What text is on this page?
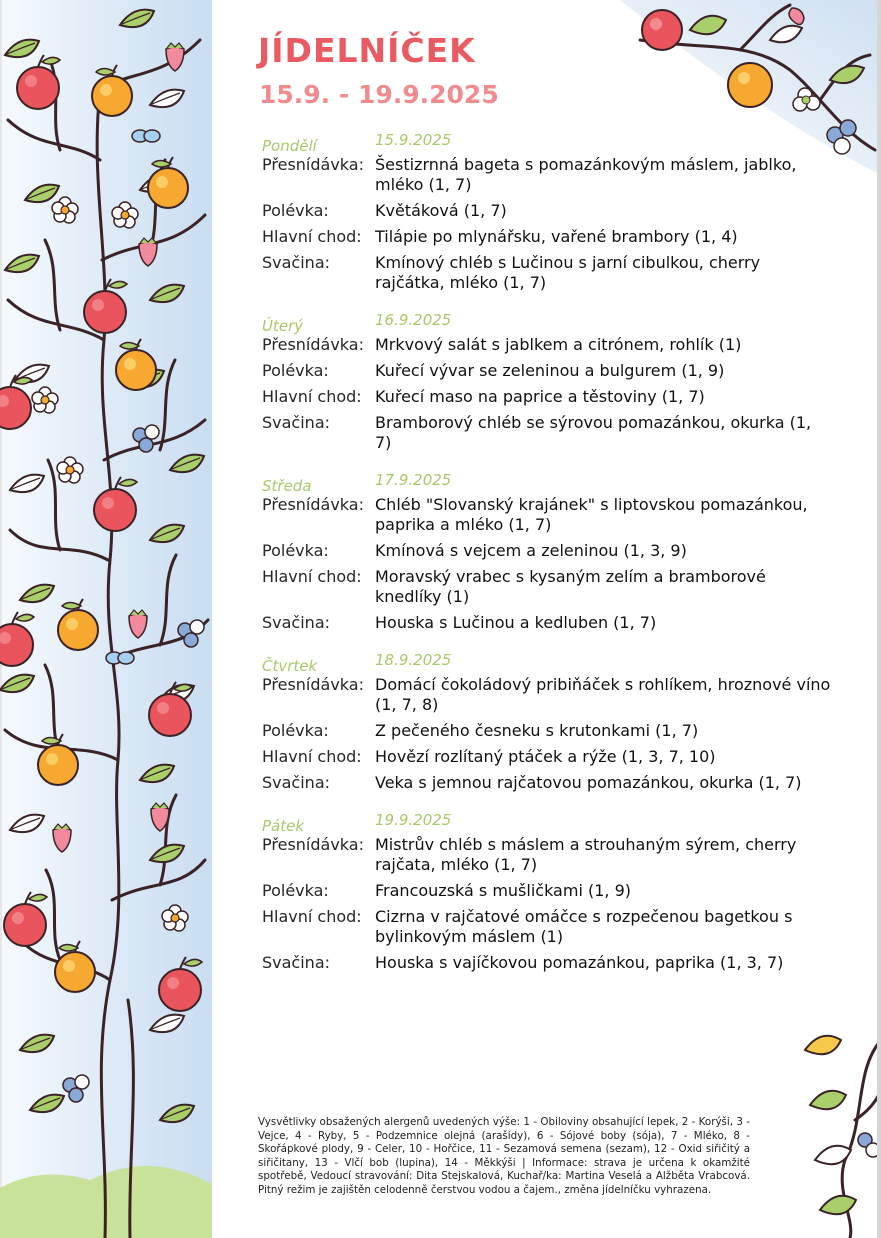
JÍDELNÍČEK
15.9. - 19.9.2025
Pondělí	15.9.2025
Přesnídávka: Šestizrnná bageta s pomazánkovým máslem, jablko, mléko (1, 7)
Polévka:	Květáková (1, 7)
Hlavní chod: Tilápie po mlynářsku, vařené brambory (1, 4)
Svačina:	Kmínový chléb s Lučinou s jarní cibulkou, cherry rajčátka, mléko (1, 7)
Úterý	16.9.2025
Přesnídávka: Mrkvový salát s jablkem a citrónem, rohlík (1)
Polévka:	Kuřecí vývar se zeleninou a bulgurem (1, 9)
Hlavní chod: Kuřecí maso na paprice a těstoviny (1, 7)
Svačina:	Bramborový chléb se sýrovou pomazánkou, okurka (1, 7)
Středa	17.9.2025
Přesnídávka: Chléb "Slovanský krajánek" s liptovskou pomazánkou, paprika a mléko (1, 7)
Polévka:	Kmínová s vejcem a zeleninou (1, 3, 9)
Hlavní chod: Moravský vrabec s kysaným zelím a bramborové knedlíky (1)
Svačina:	Houska s Lučinou a kedluben (1, 7)
Čtvrtek	18.9.2025
Přesnídávka: Domácí čokoládový pribiňáček s rohlíkem, hroznové víno (1, 7, 8)
Polévka:	Z pečeného česneku s krutonkami (1, 7)
Hlavní chod: Hovězí rozlítaný ptáček a rýže (1, 3, 7, 10)
Svačina:	Veka s jemnou rajčatovou pomazánkou, okurka (1, 7)
Pátek	19.9.2025
Přesnídávka: Mistrův chléb s máslem a strouhaným sýrem, cherry rajčata, mléko (1, 7)
Polévka:	Francouzská s mušličkami (1, 9)
Hlavní chod: Cizrna v rajčatové omáčce s rozpečenou bagetkou s bylinkovým máslem (1)
Svačina:	Houska s vajíčkovou pomazánkou, paprika (1, 3, 7)

Vysvětlivky obsažených alergenů uvedených výše: 1 - Obiloviny obsahující lepek, 2 - Korýši, 3 - Vejce, 4 - Ryby, 5 - Podzemnice olejná (arašídy), 6 - Sójové boby (sója), 7 - Mléko, 8 - Skořápkové plody, 9 - Celer, 10 - Hořčice, 11 - Sezamová semena (sezam), 12 - Oxid siřičitý a siřičitany, 13 - Vlčí bob (lupina), 14 - Měkkýši | Informace: strava je určena k okamžité spotřebě, Vedoucí stravování: Dita Stejskalová, Kuchař/ka: Martina Veselá a Alžběta Vrabcová. Pitný režim je zajištěn celodenně čerstvou vodou a čajem., změna jídelníčku vyhrazena.
